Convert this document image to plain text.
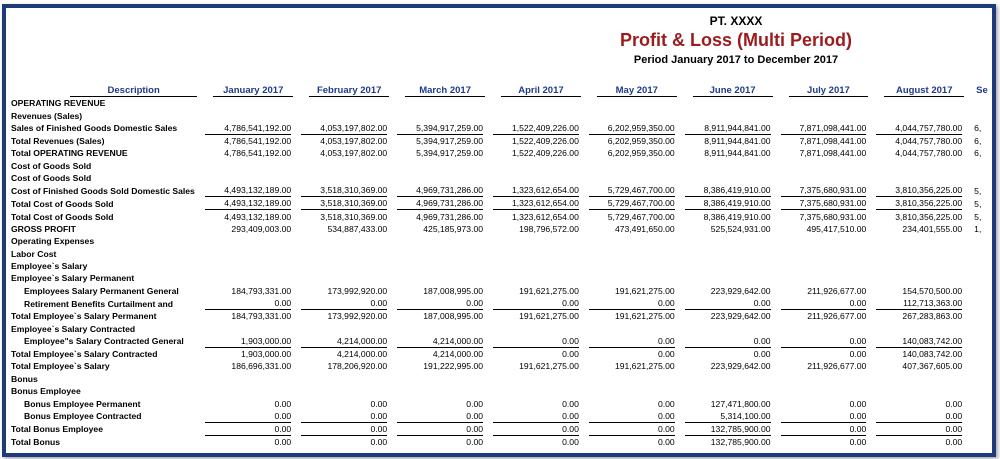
PT. XXXX
Profit & Loss (Multi Period)
Period January 2017 to December 2017
Description	January 2017	February 2017	March 2017	April 2017	May 2017	June 2017	July 2017	August 2017	Se

OPERATING REVENUE	

Revenues (Sales)	

Sales of Finished Goods Domestic Sales	4,786,541,192.00	4,053,197,802.00	5,394,917,259.00	1,522,409,226.00	6,202,959,350.00	8,911,944,841.00	7,871,098,441.00	4,044,757,780.00	6,
Total Revenues (Sales)	4,786,541,192.00	4,053,197,802.00	5,394,917,259.00	1,522,409,226.00	6,202,959,350.00	8,911,944,841.00	7,871,098,441.00	4,044,757,780.00	6,
Total OPERATING REVENUE	4,786,541,192.00	4,053,197,802.00	5,394,917,259.00	1,522,409,226.00	6,202,959,350.00	8,911,944,841.00	7,871,098,441.00	4,044,757,780.00	6,
Cost of Goods Sold	

Cost of Goods Sold	

Cost of Finished Goods Sold Domestic Sales	4,493,132,189.00	3,518,310,369.00	4,969,731,286.00	1,323,612,654.00	5,729,467,700.00	8,386,419,910.00	7,375,680,931.00	3,810,356,225.00	5,
Total Cost of Goods Sold	4,493,132,189.00	3,518,310,369.00	4,969,731,286.00	1,323,612,654.00	5,729,467,700.00	8,386,419,910.00	7,375,680,931.00	3,810,356,225.00	5,
Total Cost of Goods Sold	4,493,132,189.00	3,518,310,369.00	4,969,731,286.00	1,323,612,654.00	5,729,467,700.00	8,386,419,910.00	7,375,680,931.00	3,810,356,225.00	5,
GROSS PROFIT	293,409,003.00	534,887,433.00	425,185,973.00	198,796,572.00	473,491,650.00	525,524,931.00	495,417,510.00	234,401,555.00	1,
Operating Expenses	

Labor Cost	

Employee`s Salary	

Employee`s Salary Permanent	

Employees Salary Permanent General	184,793,331.00	173,992,920.00	187,008,995.00	191,621,275.00	191,621,275.00	223,929,642.00	211,926,677.00	154,570,500.00	

Retirement Benefits Curtailment and	0.00	0.00	0.00	0.00	0.00	0.00	0.00	112,713,363.00	

Total Employee`s Salary Permanent	184,793,331.00	173,992,920.00	187,008,995.00	191,621,275.00	191,621,275.00	223,929,642.00	211,926,677.00	267,283,863.00	

Employee`s Salary Contracted	

Employee"s Salary Contracted General	1,903,000.00	4,214,000.00	4,214,000.00	0.00	0.00	0.00	0.00	140,083,742.00	

Total Employee`s Salary Contracted	1,903,000.00	4,214,000.00	4,214,000.00	0.00	0.00	0.00	0.00	140,083,742.00	

Total Employee`s Salary	186,696,331.00	178,206,920.00	191,222,995.00	191,621,275.00	191,621,275.00	223,929,642.00	211,926,677.00	407,367,605.00	

Bonus	

Bonus Employee	

Bonus Employee Permanent	0.00	0.00	0.00	0.00	0.00	127,471,800.00	0.00	0.00	

Bonus Employee Contracted	0.00	0.00	0.00	0.00	0.00	5,314,100.00	0.00	0.00	

Total Bonus Employee	0.00	0.00	0.00	0.00	0.00	132,785,900.00	0.00	0.00	

Total Bonus	0.00	0.00	0.00	0.00	0.00	132,785,900.00	0.00	0.00	
